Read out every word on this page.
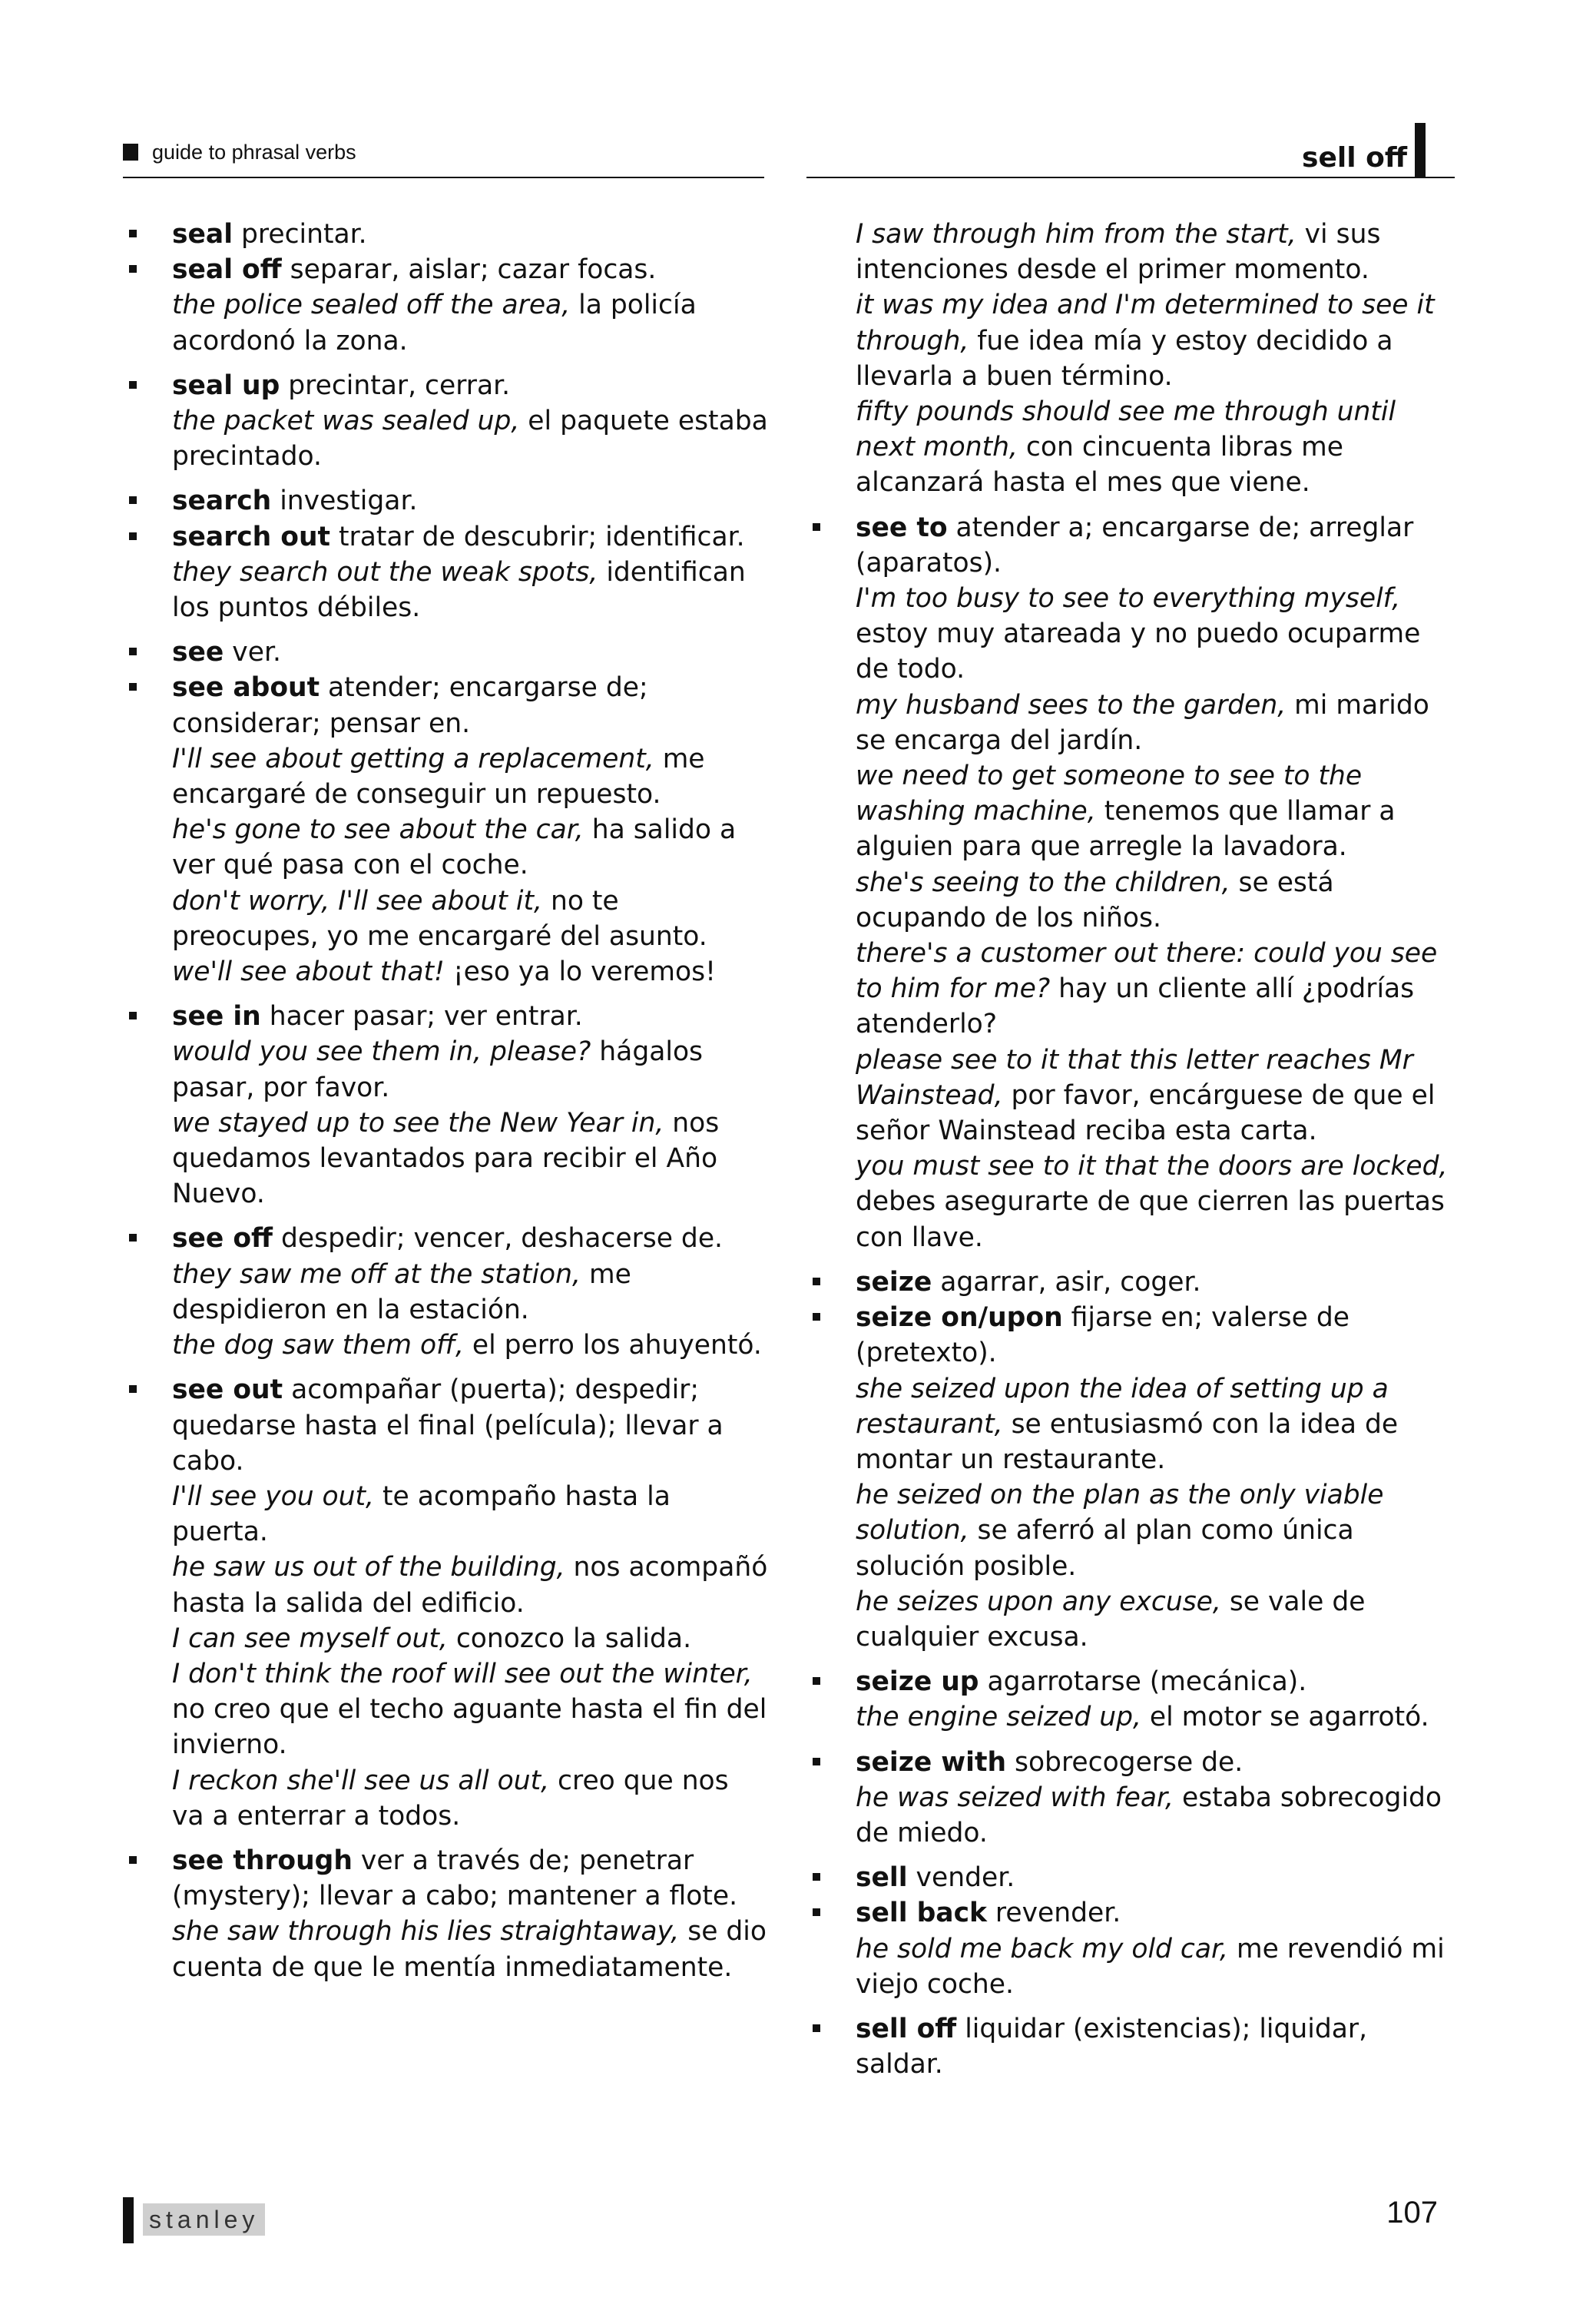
guide to phrasal verbs	sell off
seal precintar.
seal off separar, aislar; cazar focas.
the police sealed off the area, la policía acordonó la zona.
seal up precintar, cerrar.
the packet was sealed up, el paquete estaba precintado.
search investigar.
search out tratar de descubrir; identificar.
they search out the weak spots, identifican los puntos débiles.
see ver.
see about atender; encargarse de; considerar; pensar en.
I'll see about getting a replacement, me encargaré de conseguir un repuesto.
he's gone to see about the car, ha salido a ver qué pasa con el coche.
don't worry, I'll see about it, no te preocupes, yo me encargaré del asunto.
we'll see about that! ¡eso ya lo veremos!
see in hacer pasar; ver entrar.
would you see them in, please? hágalos pasar, por favor.
we stayed up to see the New Year in, nos quedamos levantados para recibir el Año Nuevo.
see off despedir; vencer, deshacerse de.
they saw me off at the station, me despidieron en la estación.
the dog saw them off, el perro los ahuyentó.
see out acompañar (puerta); despedir; quedarse hasta el final (película); llevar a cabo.
I'll see you out, te acompaño hasta la puerta.
he saw us out of the building, nos acompañó hasta la salida del edificio.
I can see myself out, conozco la salida.
I don't think the roof will see out the winter, no creo que el techo aguante hasta el fin del invierno.
I reckon she'll see us all out, creo que nos va a enterrar a todos.
see through ver a través de; penetrar (mystery); llevar a cabo; mantener a flote.
she saw through his lies straightaway, se dio cuenta de que le mentía inmediatamente.
I saw through him from the start, vi sus intenciones desde el primer momento.
it was my idea and I'm determined to see it through, fue idea mía y estoy decidido a llevarla a buen término.
fifty pounds should see me through until next month, con cincuenta libras me alcanzará hasta el mes que viene.
see to atender a; encargarse de; arreglar (aparatos).
I'm too busy to see to everything myself, estoy muy atareada y no puedo ocuparme de todo.
my husband sees to the garden, mi marido se encarga del jardín.
we need to get someone to see to the washing machine, tenemos que llamar a alguien para que arregle la lavadora.
she's seeing to the children, se está ocupando de los niños.
there's a customer out there: could you see to him for me? hay un cliente allí ¿podrías atenderlo?
please see to it that this letter reaches Mr Wainstead, por favor, encárguese de que el señor Wainstead reciba esta carta.
you must see to it that the doors are locked, debes asegurarte de que cierren las puertas con llave.
seize agarrar, asir, coger.
seize on/upon fijarse en; valerse de (pretexto).
she seized upon the idea of setting up a restaurant, se entusiasmó con la idea de montar un restaurante.
he seized on the plan as the only viable solution, se aferró al plan como única solución posible.
he seizes upon any excuse, se vale de cualquier excusa.
seize up agarrotarse (mecánica).
the engine seized up, el motor se agarrotó.
seize with sobrecogerse de.
he was seized with fear, estaba sobrecogido de miedo.
sell vender.
sell back revender.
he sold me back my old car, me revendió mi viejo coche.
sell off liquidar (existencias); liquidar, saldar.
stanley	107
